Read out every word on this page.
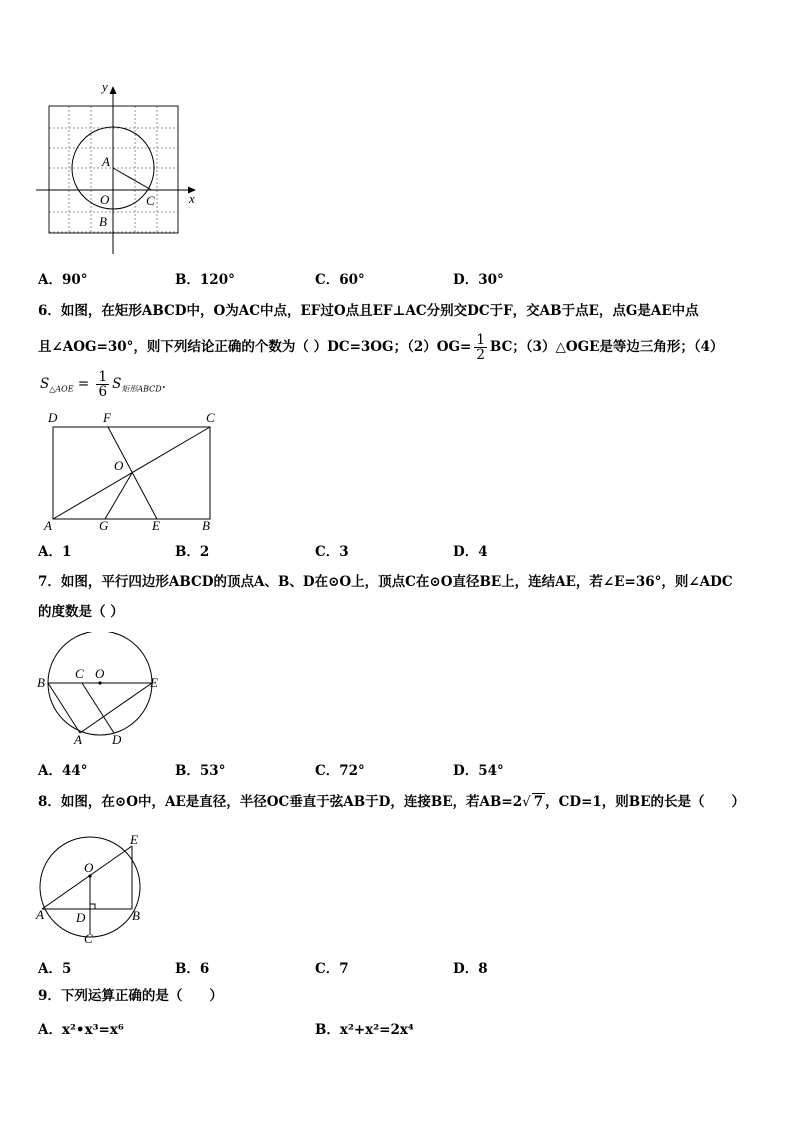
y
x
A
O
B
C
A．90°	B．120°	C．60°	D．30°
6．如图，在矩形ABCD中，O为AC中点，EF过O点且EF⊥AC分别交DC于F，交AB于点E，点G是AE中点
且∠AOG=30°，则下列结论正确的个数为（ ）DC=3OG；$(2)OG= \frac{1}{2}$ BC；（3）△OGE是等边三角形；（4）
$S_{\triangle AOE} = \frac{1}{6} S_{矩形ABCD}$.
D	F	C
O
A	G	E	B
A．1	B．2	C．3	D．4
7．如图，平行四边形ABCD的顶点A、B、D在⊙O上，顶点C在⊙O直径BE上，连结AE，若∠E=36°，则∠ADC
的度数是（ ）
B
C O
E
A D
A．44°	B．53°	C．72°	D．54°
8．如图，在⊙O中，AE是直径，半径OC垂直于弦AB于D，连接BE，若AB=2√ 7 ，CD=1，则BE的长是（　　）
E
O
A D	B
C
A．5	B．6	C．7	D．8
9．下列运算正确的是（　　）
A．x²•x³=x⁶	B．x²+x²=2x⁴
